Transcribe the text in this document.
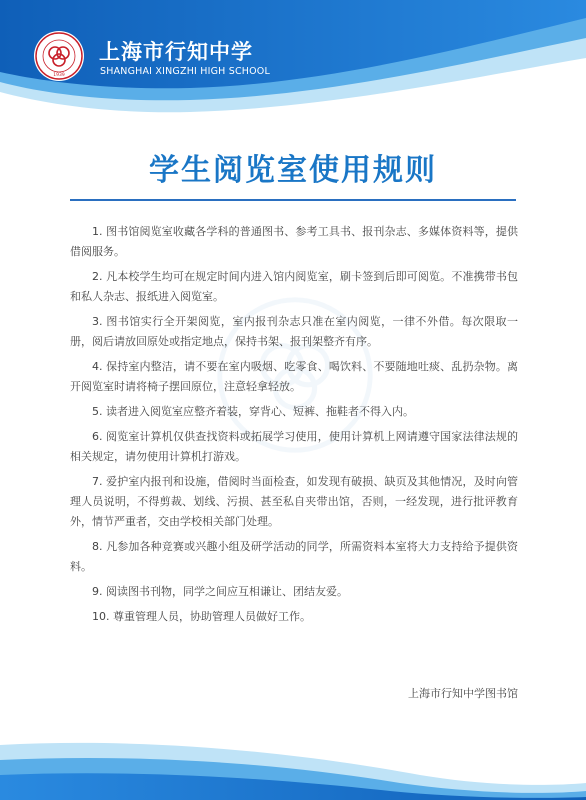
1939
上海市行知中学
SHANGHAI XINGZHI HIGH SCHOOL
学生阅览室使用规则
1. 图书馆阅览室收藏各学科的普通图书、参考工具书、报刊杂志、多媒体资料等，提供借阅服务。
2. 凡本校学生均可在规定时间内进入馆内阅览室，刷卡签到后即可阅览。不准携带书包和私人杂志、报纸进入阅览室。
3. 图书馆实行全开架阅览，室内报刊杂志只准在室内阅览，一律不外借。每次限取一册，阅后请放回原处或指定地点，保持书架、报刊架整齐有序。
4. 保持室内整洁，请不要在室内吸烟、吃零食、喝饮料、不要随地吐痰、乱扔杂物。离开阅览室时请将椅子摆回原位，注意轻拿轻放。
5. 读者进入阅览室应整齐着装，穿背心、短裤、拖鞋者不得入内。
6. 阅览室计算机仅供查找资料或拓展学习使用，使用计算机上网请遵守国家法律法规的相关规定，请勿使用计算机打游戏。
7. 爱护室内报刊和设施，借阅时当面检查，如发现有破损、缺页及其他情况，及时向管理人员说明，不得剪裁、划线、污损、甚至私自夹带出馆，否则，一经发现，进行批评教育外，情节严重者，交由学校相关部门处理。
8. 凡参加各种竞赛或兴趣小组及研学活动的同学，所需资料本室将大力支持给予提供资料。
9. 阅读图书刊物，同学之间应互相谦让、团结友爱。
10. 尊重管理人员，协助管理人员做好工作。
上海市行知中学图书馆
